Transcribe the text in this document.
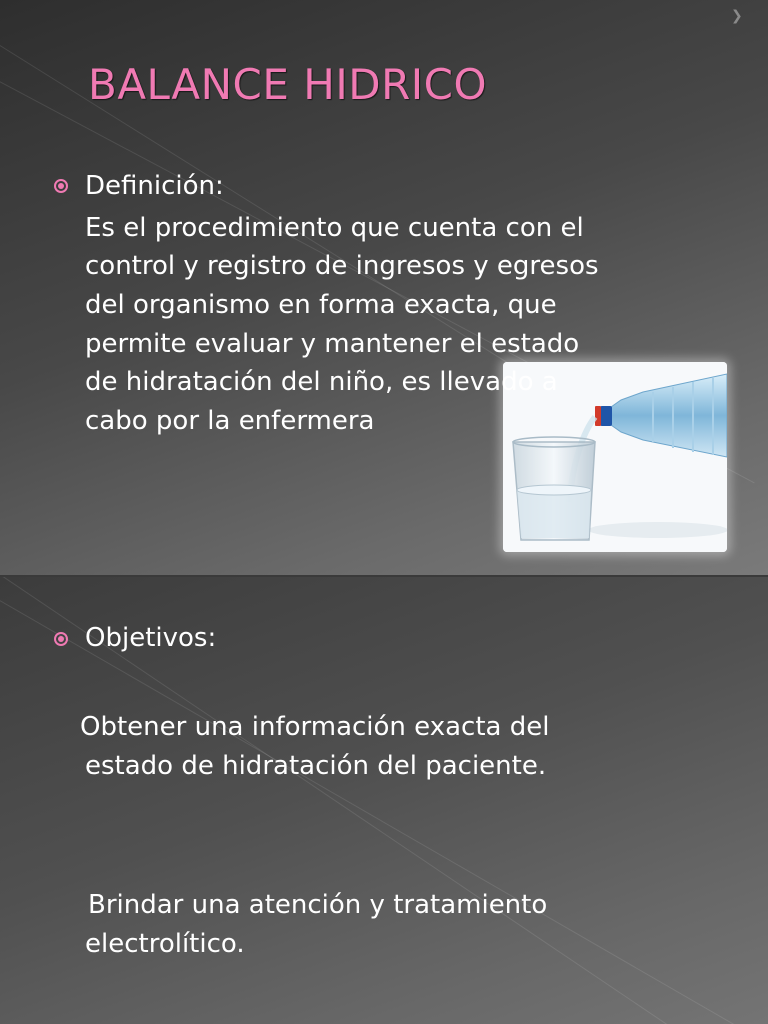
❯
BALANCE HIDRICO

Definición:

Es el procedimiento que cuenta con el

control y registro de ingresos y egresos

del organismo en forma exacta, que

permite evaluar y mantener el estado

de hidratación del niño, es llevado a

cabo por la enfermera

Objetivos:

Obtener una información exacta del

estado de hidratación del paciente.

Brindar una atención y tratamiento

electrolítico.
